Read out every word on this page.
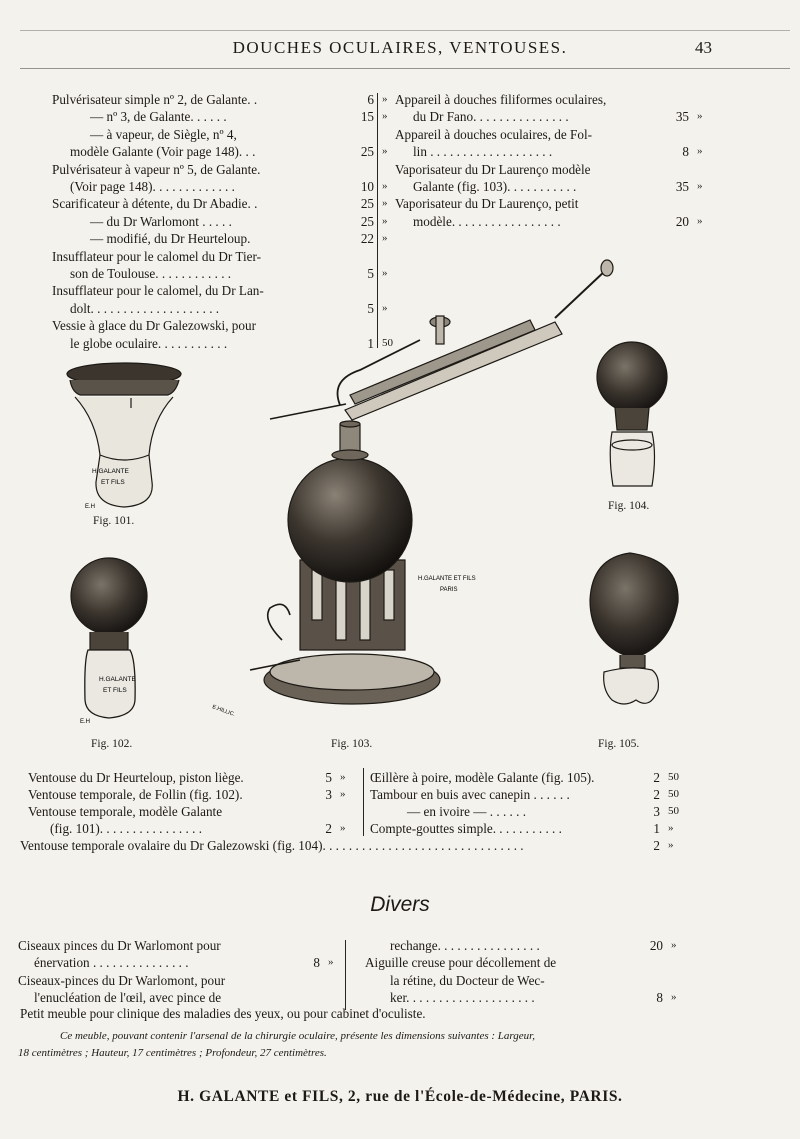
DOUCHES OCULAIRES, VENTOUSES.	43
Pulvérisateur simple nº 2, de Galante. .	6 »
— nº 3, de Galante. . . . . .	15 »
— à vapeur, de Siègle, nº 4,
modèle Galante (Voir page 148). . .	25 »
Pulvérisateur à vapeur nº 5, de Galante.
(Voir page 148). . . . . . . . . . . . .	10 »
Scarificateur à détente, du Dr Abadie. .	25 »
— du Dr Warlomont . . . . .	25 »
— modifié, du Dr Heurteloup.	22 »
Insufflateur pour le calomel du Dr Tier-
son de Toulouse. . . . . . . . . . . .	5 »
Insufflateur pour le calomel, du Dr Lan-
dolt. . . . . . . . . . . . . . . . . . . .	5 »
Vessie à glace du Dr Galezowski, pour
le globe oculaire. . . . . . . . . . .	1 50
Appareil à douches filiformes oculaires,
du Dr Fano. . . . . . . . . . . . . . .	35 »
Appareil à douches oculaires, de Fol-
lin . . . . . . . . . . . . . . . . . . .	8 »
Vaporisateur du Dr Laurenço modèle
Galante (fig. 103). . . . . . . . . . .	35 »
Vaporisateur du Dr Laurenço, petit
modèle. . . . . . . . . . . . . . . . .	20 »
H.GALANTE
ET FILS
E.H
H.GALANTE
ET FILS
E.H
H.GALANTE ET FILS
PARIS
E.HILLIC.
Fig. 101.
Fig. 104.
Fig. 102.	Fig. 103.	Fig. 105.
Ventouse du Dr Heurteloup, piston liège.	5 »
Ventouse temporale, de Follin (fig. 102).	3 »
Ventouse temporale, modèle Galante
(fig. 101). . . . . . . . . . . . . . . .	2 »
Œillère à poire, modèle Galante (fig. 105).	2 50
Tambour en buis avec canepin . . . . . .	2 50
— en ivoire — . . . . . .	3 50
Compte-gouttes simple. . . . . . . . . . .	1 »
Ventouse temporale ovalaire du Dr Galezowski (fig. 104). . . . . . . . . . . . . . . . . . . . . . . . . . . . . . .	2 »
Divers
Ciseaux pinces du Dr Warlomont pour
énervation . . . . . . . . . . . . . . .	8 »
Ciseaux-pinces du Dr Warlomont, pour
l'enucléation de l'œil, avec pince de
rechange. . . . . . . . . . . . . . . .	20 »
Aiguille creuse pour décollement de
la rétine, du Docteur de Wec-
ker. . . . . . . . . . . . . . . . . . . .	8 »
Petit meuble pour clinique des maladies des yeux, ou pour cabinet d'oculiste.
Ce meuble, pouvant contenir l'arsenal de la chirurgie oculaire, présente les dimensions suivantes : Largeur,
18 centimètres ; Hauteur, 17 centimètres ; Profondeur, 27 centimètres.
H. GALANTE et FILS, 2, rue de l'École-de-Médecine, PARIS.
